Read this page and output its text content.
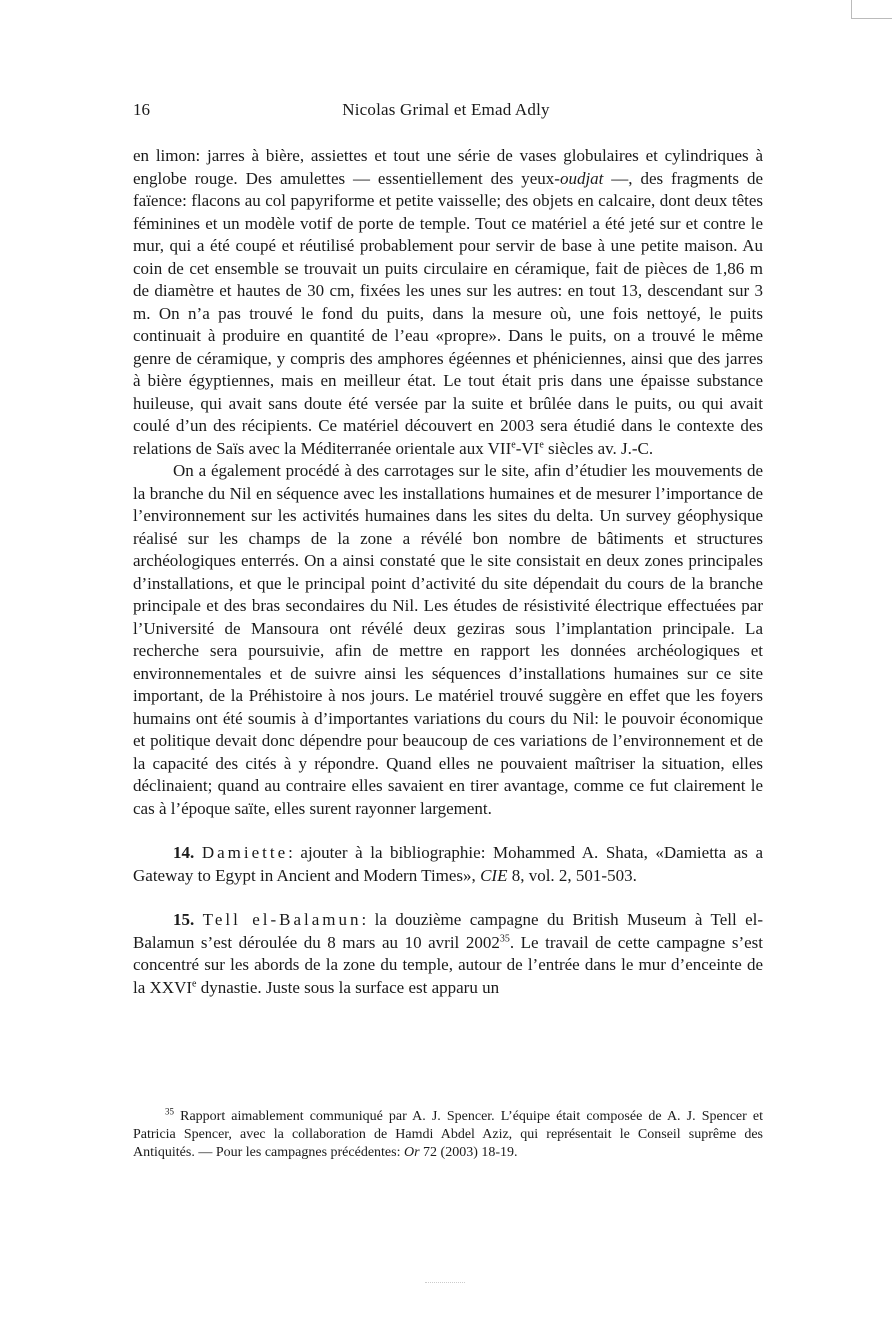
16	Nicolas Grimal et Emad Adly

en limon: jarres à bière, assiettes et tout une série de vases globulaires et cylindriques à englobe rouge. Des amulettes — essentiellement des yeux-oudjat —, des fragments de faïence: flacons au col papyriforme et petite vaisselle; des objets en calcaire, dont deux têtes féminines et un modèle votif de porte de temple. Tout ce matériel a été jeté sur et contre le mur, qui a été coupé et réutilisé probablement pour servir de base à une petite maison. Au coin de cet ensemble se trouvait un puits circulaire en céramique, fait de pièces de 1,86 m de diamètre et hautes de 30 cm, fixées les unes sur les autres: en tout 13, descendant sur 3 m. On n’a pas trouvé le fond du puits, dans la mesure où, une fois nettoyé, le puits continuait à produire en quantité de l’eau «propre». Dans le puits, on a trouvé le même genre de céramique, y compris des amphores égéennes et phéniciennes, ainsi que des jarres à bière égyptiennes, mais en meilleur état. Le tout était pris dans une épaisse substance huileuse, qui avait sans doute été versée par la suite et brûlée dans le puits, ou qui avait coulé d’un des récipients. Ce matériel découvert en 2003 sera étudié dans le contexte des relations de Saïs avec la Méditerranée orientale aux VIIe-VIe siècles av. J.-C.

On a également procédé à des carrotages sur le site, afin d’étudier les mouvements de la branche du Nil en séquence avec les installations humaines et de mesurer l’importance de l’environnement sur les activités humaines dans les sites du delta. Un survey géophysique réalisé sur les champs de la zone a révélé bon nombre de bâtiments et structures archéologiques enterrés. On a ainsi constaté que le site consistait en deux zones principales d’installations, et que le principal point d’activité du site dépendait du cours de la branche principale et des bras secondaires du Nil. Les études de résistivité électrique effectuées par l’Université de Mansoura ont révélé deux geziras sous l’implantation principale. La recherche sera poursuivie, afin de mettre en rapport les données archéologiques et environnementales et de suivre ainsi les séquences d’installations humaines sur ce site important, de la Préhistoire à nos jours. Le matériel trouvé suggère en effet que les foyers humains ont été soumis à d’importantes variations du cours du Nil: le pouvoir économique et politique devait donc dépendre pour beaucoup de ces variations de l’environnement et de la capacité des cités à y répondre. Quand elles ne pouvaient maîtriser la situation, elles déclinaient; quand au contraire elles savaient en tirer avantage, comme ce fut clairement le cas à l’époque saïte, elles surent rayonner largement.

14. Damiette: ajouter à la bibliographie: Mohammed A. Shata, «Damietta as a Gateway to Egypt in Ancient and Modern Times», CIE 8, vol. 2, 501-503.

15. Tell el-Balamun: la douzième campagne du British Museum à Tell el-Balamun s’est déroulée du 8 mars au 10 avril 2002$^{35}$. Le travail de cette campagne s’est concentré sur les abords de la zone du temple, autour de l’entrée dans le mur d’enceinte de la XXVIe dynastie. Juste sous la surface est apparu un

$^{35}$ Rapport aimablement communiqué par A. J. Spencer. L’équipe était composée de A. J. Spencer et Patricia Spencer, avec la collaboration de Hamdi Abdel Aziz, qui représentait le Conseil suprême des Antiquités. — Pour les campagnes précédentes: Or 72 (2003) 18-19.
